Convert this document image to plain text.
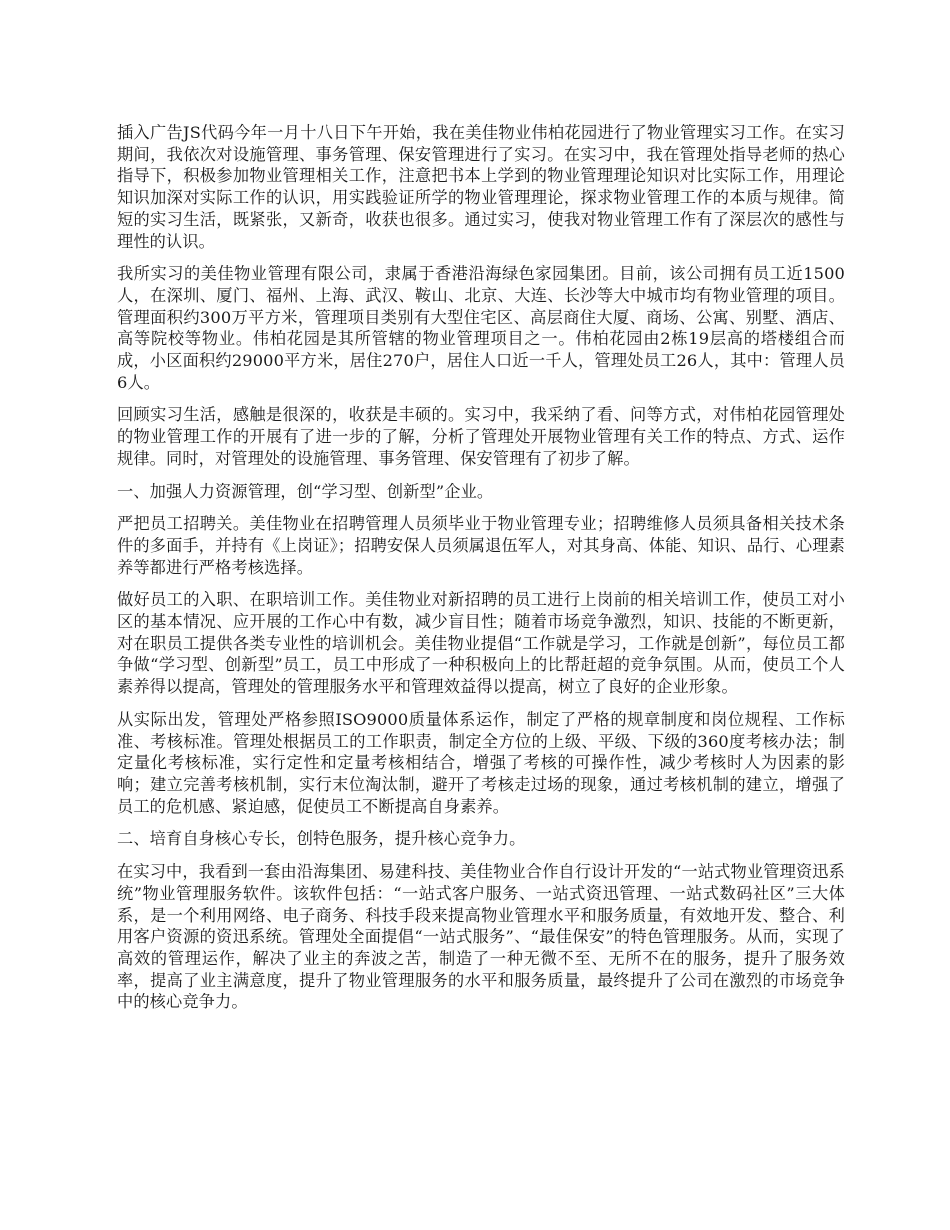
插入广告JS代码今年一月十八日下午开始，我在美佳物业伟柏花园进行了物业管理实习工作。在实习期间，我依次对设施管理、事务管理、保安管理进行了实习。在实习中，我在管理处指导老师的热心指导下，积极参加物业管理相关工作，注意把书本上学到的物业管理理论知识对比实际工作，用理论知识加深对实际工作的认识，用实践验证所学的物业管理理论，探求物业管理工作的本质与规律。简短的实习生活，既紧张，又新奇，收获也很多。通过实习，使我对物业管理工作有了深层次的感性与理性的认识。

我所实习的美佳物业管理有限公司，隶属于香港沿海绿色家园集团。目前，该公司拥有员工近1500人，在深圳、厦门、福州、上海、武汉、鞍山、北京、大连、长沙等大中城市均有物业管理的项目。管理面积约300万平方米，管理项目类别有大型住宅区、高层商住大厦、商场、公寓、别墅、酒店、高等院校等物业。伟柏花园是其所管辖的物业管理项目之一。伟柏花园由2栋19层高的塔楼组合而成，小区面积约29000平方米，居住270户，居住人口近一千人，管理处员工26人，其中：管理人员6人。

回顾实习生活，感触是很深的，收获是丰硕的。实习中，我采纳了看、问等方式，对伟柏花园管理处的物业管理工作的开展有了进一步的了解，分析了管理处开展物业管理有关工作的特点、方式、运作规律。同时，对管理处的设施管理、事务管理、保安管理有了初步了解。

一、加强人力资源管理，创“学习型、创新型”企业。

严把员工招聘关。美佳物业在招聘管理人员须毕业于物业管理专业；招聘维修人员须具备相关技术条件的多面手，并持有《上岗证》；招聘安保人员须属退伍军人，对其身高、体能、知识、品行、心理素养等都进行严格考核选择。

做好员工的入职、在职培训工作。美佳物业对新招聘的员工进行上岗前的相关培训工作，使员工对小区的基本情况、应开展的工作心中有数，减少盲目性；随着市场竞争激烈，知识、技能的不断更新，对在职员工提供各类专业性的培训机会。美佳物业提倡“工作就是学习，工作就是创新”，每位员工都争做“学习型、创新型”员工，员工中形成了一种积极向上的比帮赶超的竞争氛围。从而，使员工个人素养得以提高，管理处的管理服务水平和管理效益得以提高，树立了良好的企业形象。

从实际出发，管理处严格参照ISO9000质量体系运作，制定了严格的规章制度和岗位规程、工作标准、考核标准。管理处根据员工的工作职责，制定全方位的上级、平级、下级的360度考核办法；制定量化考核标准，实行定性和定量考核相结合，增强了考核的可操作性，减少考核时人为因素的影响；建立完善考核机制，实行末位淘汰制，避开了考核走过场的现象，通过考核机制的建立，增强了员工的危机感、紧迫感，促使员工不断提高自身素养。

二、培育自身核心专长，创特色服务，提升核心竞争力。

在实习中，我看到一套由沿海集团、易建科技、美佳物业合作自行设计开发的“一站式物业管理资迅系统”物业管理服务软件。该软件包括：“一站式客户服务、一站式资迅管理、一站式数码社区”三大体系，是一个利用网络、电子商务、科技手段来提高物业管理水平和服务质量，有效地开发、整合、利用客户资源的资迅系统。管理处全面提倡“一站式服务”、“最佳保安”的特色管理服务。从而，实现了高效的管理运作，解决了业主的奔波之苦，制造了一种无微不至、无所不在的服务，提升了服务效率，提高了业主满意度，提升了物业管理服务的水平和服务质量，最终提升了公司在激烈的市场竞争中的核心竞争力。
